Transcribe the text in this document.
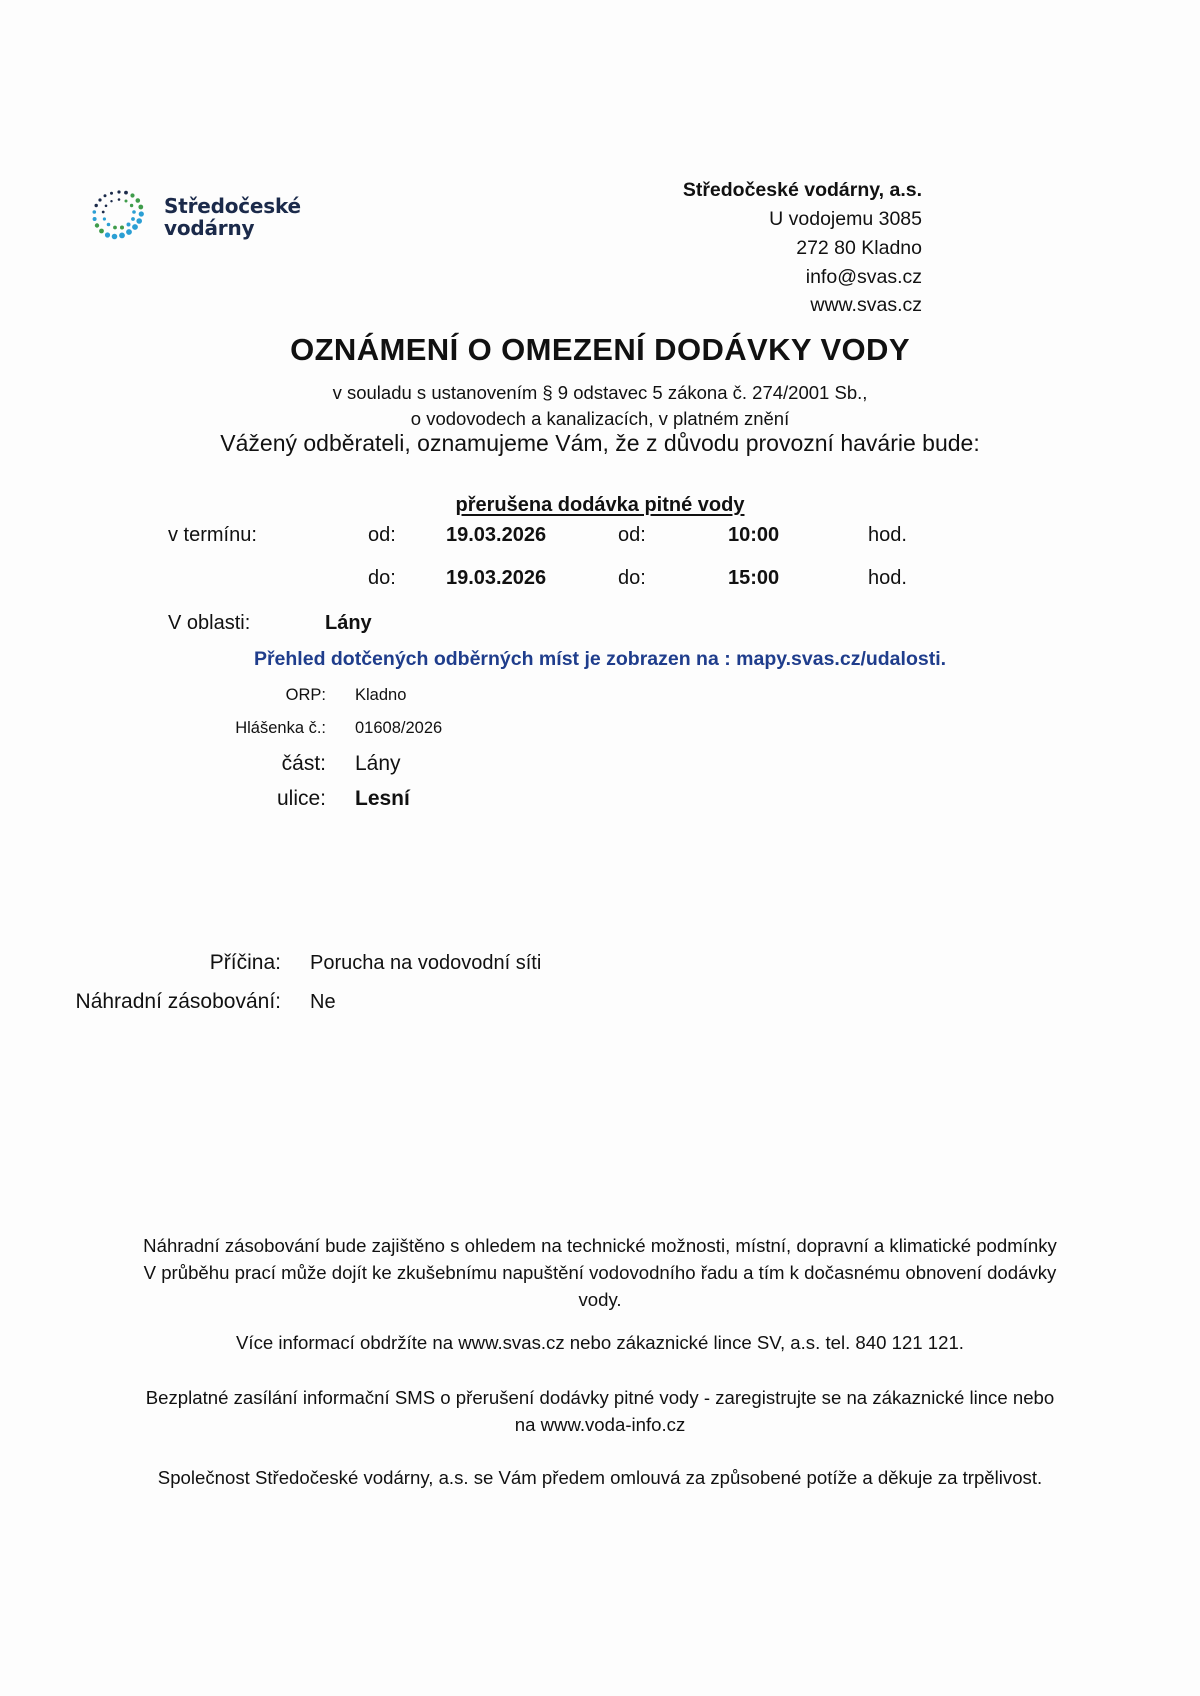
Středočeské
vodárny
Středočeské vodárny, a.s.
U vodojemu 3085
272 80 Kladno
info@svas.cz
www.svas.cz
OZNÁMENÍ O OMEZENÍ DODÁVKY VODY
v souladu s ustanovením § 9 odstavec 5 zákona č. 274/2001 Sb.,
o vodovodech a kanalizacích, v platném znění
Vážený odběrateli, oznamujeme Vám, že z důvodu provozní havárie bude:
přerušena dodávka pitné vody
v termínu:	od:	19.03.2026	od:	10:00	hod.
	do:	19.03.2026	do:	15:00	hod.
V oblasti:	Lány
Přehled dotčených odběrných míst je zobrazen na : mapy.svas.cz/udalosti.
ORP:	Kladno
Hlášenka č.:	01608/2026
část:	Lány
ulice:	Lesní
Příčina:	Porucha na vodovodní síti
Náhradní zásobování:	Ne

Náhradní zásobování bude zajištěno s ohledem na technické možnosti, místní, dopravní a klimatické podmínky

V průběhu prací může dojít ke zkušebnímu napuštění vodovodního řadu a tím k dočasnému obnovení dodávky

vody.

Více informací obdržíte na www.svas.cz nebo zákaznické lince SV, a.s. tel. 840 121 121.

Bezplatné zasílání informační SMS o přerušení dodávky pitné vody - zaregistrujte se na zákaznické lince nebo

na www.voda-info.cz

Společnost Středočeské vodárny, a.s. se Vám předem omlouvá za způsobené potíže a děkuje za trpělivost.
